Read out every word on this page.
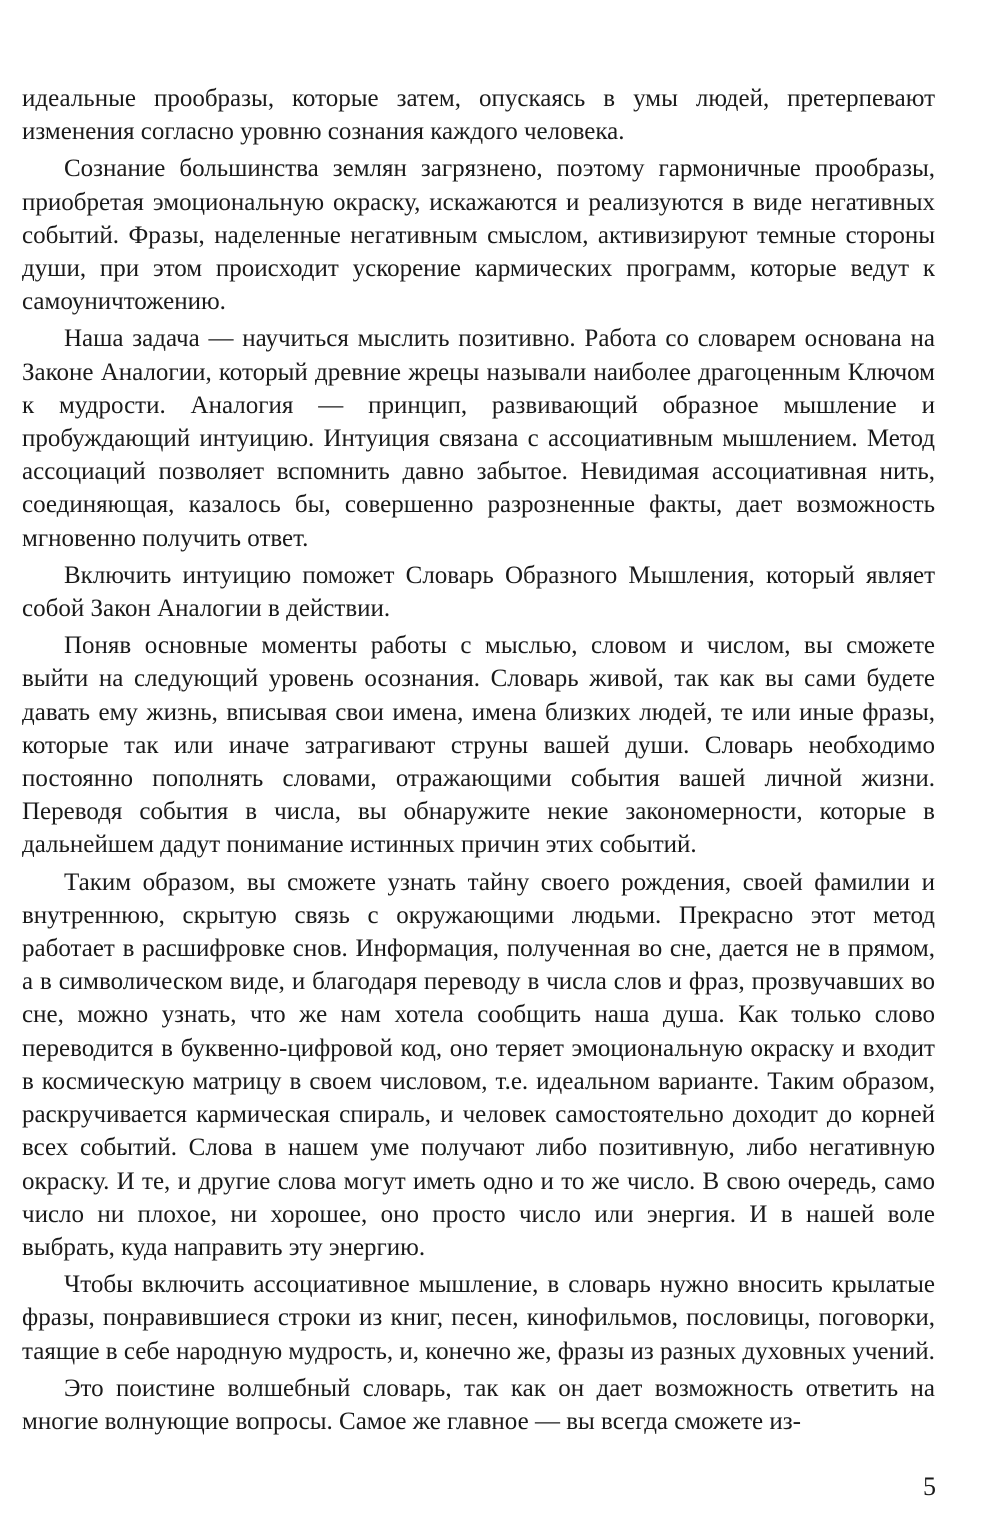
идеальные прообразы, которые затем, опускаясь в умы людей, претерпевают изменения согласно уровню сознания каждого человека.

Сознание большинства землян загрязнено, поэтому гармоничные прообразы, приобретая эмоциональную окраску, искажаются и реализуются в виде негативных событий. Фразы, наделенные негативным смыслом, активизируют темные стороны души, при этом происходит ускорение кармических программ, которые ведут к самоуничтожению.

Наша задача — научиться мыслить позитивно. Работа со словарем основана на Законе Аналогии, который древние жрецы называли наиболее драгоценным Ключом к мудрости. Аналогия — принцип, развивающий образное мышление и пробуждающий интуицию. Интуиция связана с ассоциативным мышлением. Метод ассоциаций позволяет вспомнить давно забытое. Невидимая ассоциативная нить, соединяющая, казалось бы, совершенно разрозненные факты, дает возможность мгновенно получить ответ.

Включить интуицию поможет Словарь Образного Мышления, который являет собой Закон Аналогии в действии.

Поняв основные моменты работы с мыслью, словом и числом, вы сможете выйти на следующий уровень осознания. Словарь живой, так как вы сами будете давать ему жизнь, вписывая свои имена, имена близких людей, те или иные фразы, которые так или иначе затрагивают струны вашей души. Словарь необходимо постоянно пополнять словами, отражающими события вашей личной жизни. Переводя события в числа, вы обнаружите некие закономерности, которые в дальнейшем дадут понимание истинных причин этих событий.

Таким образом, вы сможете узнать тайну своего рождения, своей фамилии и внутреннюю, скрытую связь с окружающими людьми. Прекрасно этот метод работает в расшифровке снов. Информация, полученная во сне, дается не в прямом, а в символическом виде, и благодаря переводу в числа слов и фраз, прозвучавших во сне, можно узнать, что же нам хотела сообщить наша душа. Как только слово переводится в буквенно-цифровой код, оно теряет эмоциональную окраску и входит в космическую матрицу в своем числовом, т.е. идеальном варианте. Таким образом, раскручивается кармическая спираль, и человек самостоятельно доходит до корней всех событий. Слова в нашем уме получают либо позитивную, либо негативную окраску. И те, и другие слова могут иметь одно и то же число. В свою очередь, само число ни плохое, ни хорошее, оно просто число или энергия. И в нашей воле выбрать, куда направить эту энергию.

Чтобы включить ассоциативное мышление, в словарь нужно вносить крылатые фразы, понравившиеся строки из книг, песен, кинофильмов, пословицы, поговорки, таящие в себе народную мудрость, и, конечно же, фразы из разных духовных учений.

Это поистине волшебный словарь, так как он дает возможность ответить на многие волнующие вопросы. Самое же главное — вы всегда сможете из-

5
